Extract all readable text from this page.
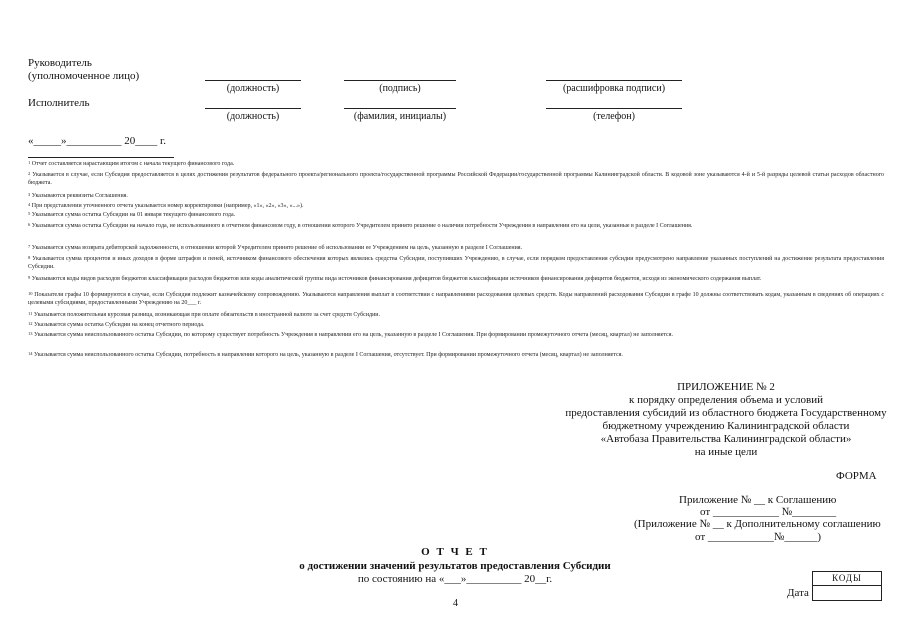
Руководитель
(уполномоченное лицо)
(должность)	(подпись)	(расшифровка подписи)
Исполнитель
(должность)	(фамилия, инициалы)	(телефон)
«_____»__________ 20____ г.
$^1$ Отчет составляется нарастающим итогом с начала текущего финансового года.
$^2$ Указывается в случае, если Субсидия предоставляется в целях достижения результатов федерального проекта/регионального проекта/государственной программы Российской Федерации/государственной программы Калининградской области. В кодовой зоне указываются 4-й и 5-й разряды целевой статьи расходов областного бюджета.
$^3$ Указываются реквизиты Соглашения.
$^4$ При представлении уточненного отчета указывается номер корректировки (например, «1», «2», «3», «...»).
$^5$ Указывается сумма остатка Субсидии на 01 января текущего финансового года.
$^6$ Указывается сумма остатка Субсидии на начало года, не использованного в отчетном финансовом году, в отношении которого Учредителем принято решение о наличии потребности Учреждения в направлении его на цели, указанные в разделе I Соглашения.
$^7$ Указывается сумма возврата дебиторской задолженности, в отношении которой Учредителем принято решение об использовании ее Учреждением на цель, указанную в разделе I Соглашения.
$^8$ Указывается сумма процентов и иных доходов в форме штрафов и пеней, источником финансового обеспечения которых являлись средства Субсидии, поступивших Учреждению, в случае, если порядком предоставления субсидии предусмотрено направление указанных поступлений на достижение результата предоставления Субсидии.
$^9$ Указываются коды видов расходов бюджетов классификации расходов бюджетов или коды аналитической группы вида источников финансирования дефицитов бюджетов классификации источников финансирования дефицитов бюджетов, исходя из экономического содержания выплат.
$^{10}$ Показатели графы 10 формируются в случае, если Субсидия подлежит казначейскому сопровождению. Указываются направления выплат в соответствии с направлениями расходования целевых средств. Коды направлений расходования Субсидии в графе 10 должны соответствовать кодам, указанным в сведениях об операциях с целевыми субсидиями, предоставленными Учреждению на 20___ г.
$^{11}$ Указывается положительная курсовая разница, возникающая при оплате обязательств в иностранной валюте за счет средств Субсидии.
$^{12}$ Указывается сумма остатка Субсидии на конец отчетного периода.
$^{13}$ Указывается сумма неиспользованного остатка Субсидии, по которому существует потребность Учреждения в направлении его на цель, указанную в разделе I Соглашения. При формировании промежуточного отчета (месяц, квартал) не заполняется.
$^{14}$ Указывается сумма неиспользованного остатка Субсидии, потребность в направлении которого на цель, указанную в разделе I Соглашения, отсутствует. При формировании промежуточного отчета (месяц, квартал) не заполняется.
ПРИЛОЖЕНИЕ № 2
к порядку определения объема и условий
предоставления субсидий из областного бюджета Государственному
бюджетному учреждению Калининградской области
«Автобаза Правительства Калининградской области»
на иные цели
ФОРМА
Приложение № __ к Соглашению
от ____________ №________
(Приложение № __ к Дополнительному соглашению
от ____________№______)
О Т Ч Е Т
о достижении значений результатов предоставления Субсидии
по состоянию на «___»__________ 20__г.	КОДЫ
Дата
4
